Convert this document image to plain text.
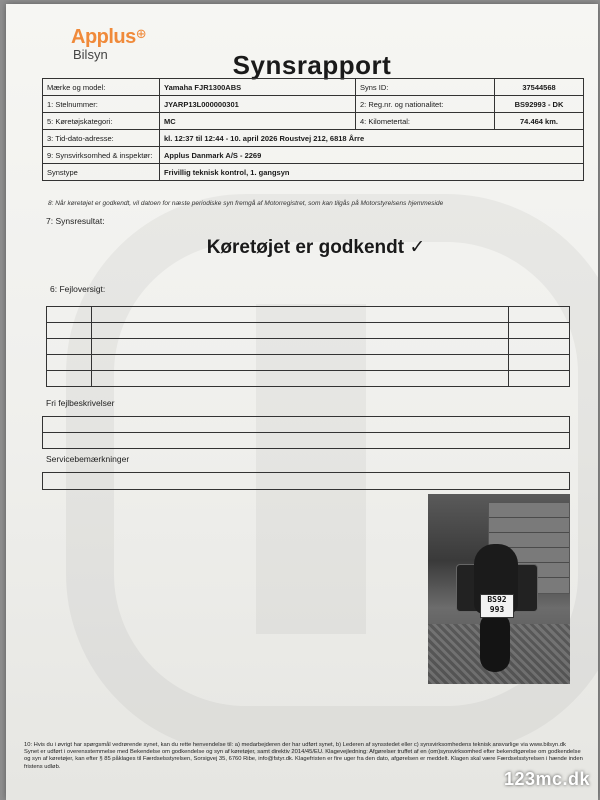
Applus⊕
Bilsyn	Synsrapport
Mærke og model:	Yamaha FJR1300ABS	Syns ID:	37544568
1: Stelnummer:	JYARP13L000000301	2: Reg.nr. og nationalitet:	BS92993 - DK
5: Køretøjskategori:	MC	4: Kilometertal:	74.464 km.
3: Tid-dato-adresse:	kl. 12:37 til 12:44 - 10. april 2026 Roustvej 212, 6818 Årre		
9: Synsvirksomhed & inspektør:	Applus Danmark A/S - 2269		
Synstype	Frivillig teknisk kontrol, 1. gangsyn		
8: Når køretøjet er godkendt, vil datoen for næste periodiske syn fremgå af Motorregistret, som kan tilgås på Motorstyrelsens hjemmeside
7: Synsresultat:
Køretøjet er godkendt ✓
6: Fejloversigt:

Fri fejlbeskrivelser

Servicebemærkninger
BS92
993
10: Hvis du i øvrigt har spørgsmål vedrørende synet, kan du rette henvendelse til: a) medarbejderen der har udført synet, b) Lederen af synsstedet eller c) synsvirksomhedens teknisk ansvarlige via www.bilsyn.dk
Synet er udført i overensstemmelse med Bekendelse om godkendelse og syn af køretøjer, samt direktiv 2014/45/EU. Klagevejledning: Afgørelser truffet af en (om)synsvirksomhed efter bekendtgørelse om godkendelse og syn af køretøjer, kan efter § 85 påklages til Færdselsstyrelsen, Sorsigvej 35, 6760 Ribe, info@fstyr.dk. Klagefristen er fire uger fra den dato, afgørelsen er meddelt. Klagen skal være Færdselsstyrelsen i hænde inden fristens udløb.
123mc.dk
